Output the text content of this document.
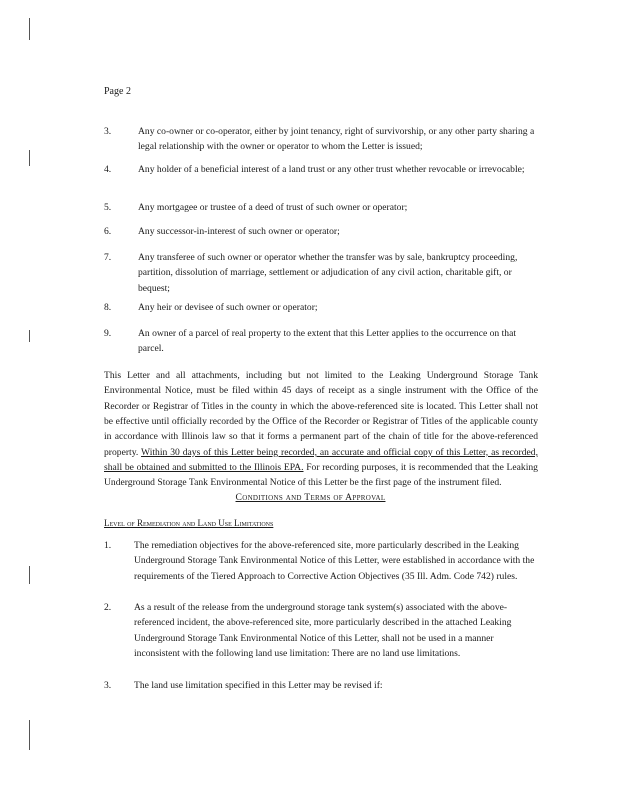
Page 2
3.	Any co-owner or co-operator, either by joint tenancy, right of survivorship, or any other party sharing a legal relationship with the owner or operator to whom the Letter is issued;
4.	Any holder of a beneficial interest of a land trust or any other trust whether revocable or irrevocable;
5.	Any mortgagee or trustee of a deed of trust of such owner or operator;
6.	Any successor-in-interest of such owner or operator;
7.	Any transferee of such owner or operator whether the transfer was by sale, bankruptcy proceeding, partition, dissolution of marriage, settlement or adjudication of any civil action, charitable gift, or bequest;
8.	Any heir or devisee of such owner or operator;
9.	An owner of a parcel of real property to the extent that this Letter applies to the occurrence on that parcel.
This Letter and all attachments, including but not limited to the Leaking Underground Storage Tank Environmental Notice, must be filed within 45 days of receipt as a single instrument with the Office of the Recorder or Registrar of Titles in the county in which the above-referenced site is located. This Letter shall not be effective until officially recorded by the Office of the Recorder or Registrar of Titles of the applicable county in accordance with Illinois law so that it forms a permanent part of the chain of title for the above-referenced property. Within 30 days of this Letter being recorded, an accurate and official copy of this Letter, as recorded, shall be obtained and submitted to the Illinois EPA. For recording purposes, it is recommended that the Leaking Underground Storage Tank Environmental Notice of this Letter be the first page of the instrument filed.
Conditions and Terms of Approval
Level of Remediation and Land Use Limitations
1.	The remediation objectives for the above-referenced site, more particularly described in the Leaking Underground Storage Tank Environmental Notice of this Letter, were established in accordance with the requirements of the Tiered Approach to Corrective Action Objectives (35 Ill. Adm. Code 742) rules.
2.	As a result of the release from the underground storage tank system(s) associated with the above-referenced incident, the above-referenced site, more particularly described in the attached Leaking Underground Storage Tank Environmental Notice of this Letter, shall not be used in a manner inconsistent with the following land use limitation: There are no land use limitations.
3.	The land use limitation specified in this Letter may be revised if:
